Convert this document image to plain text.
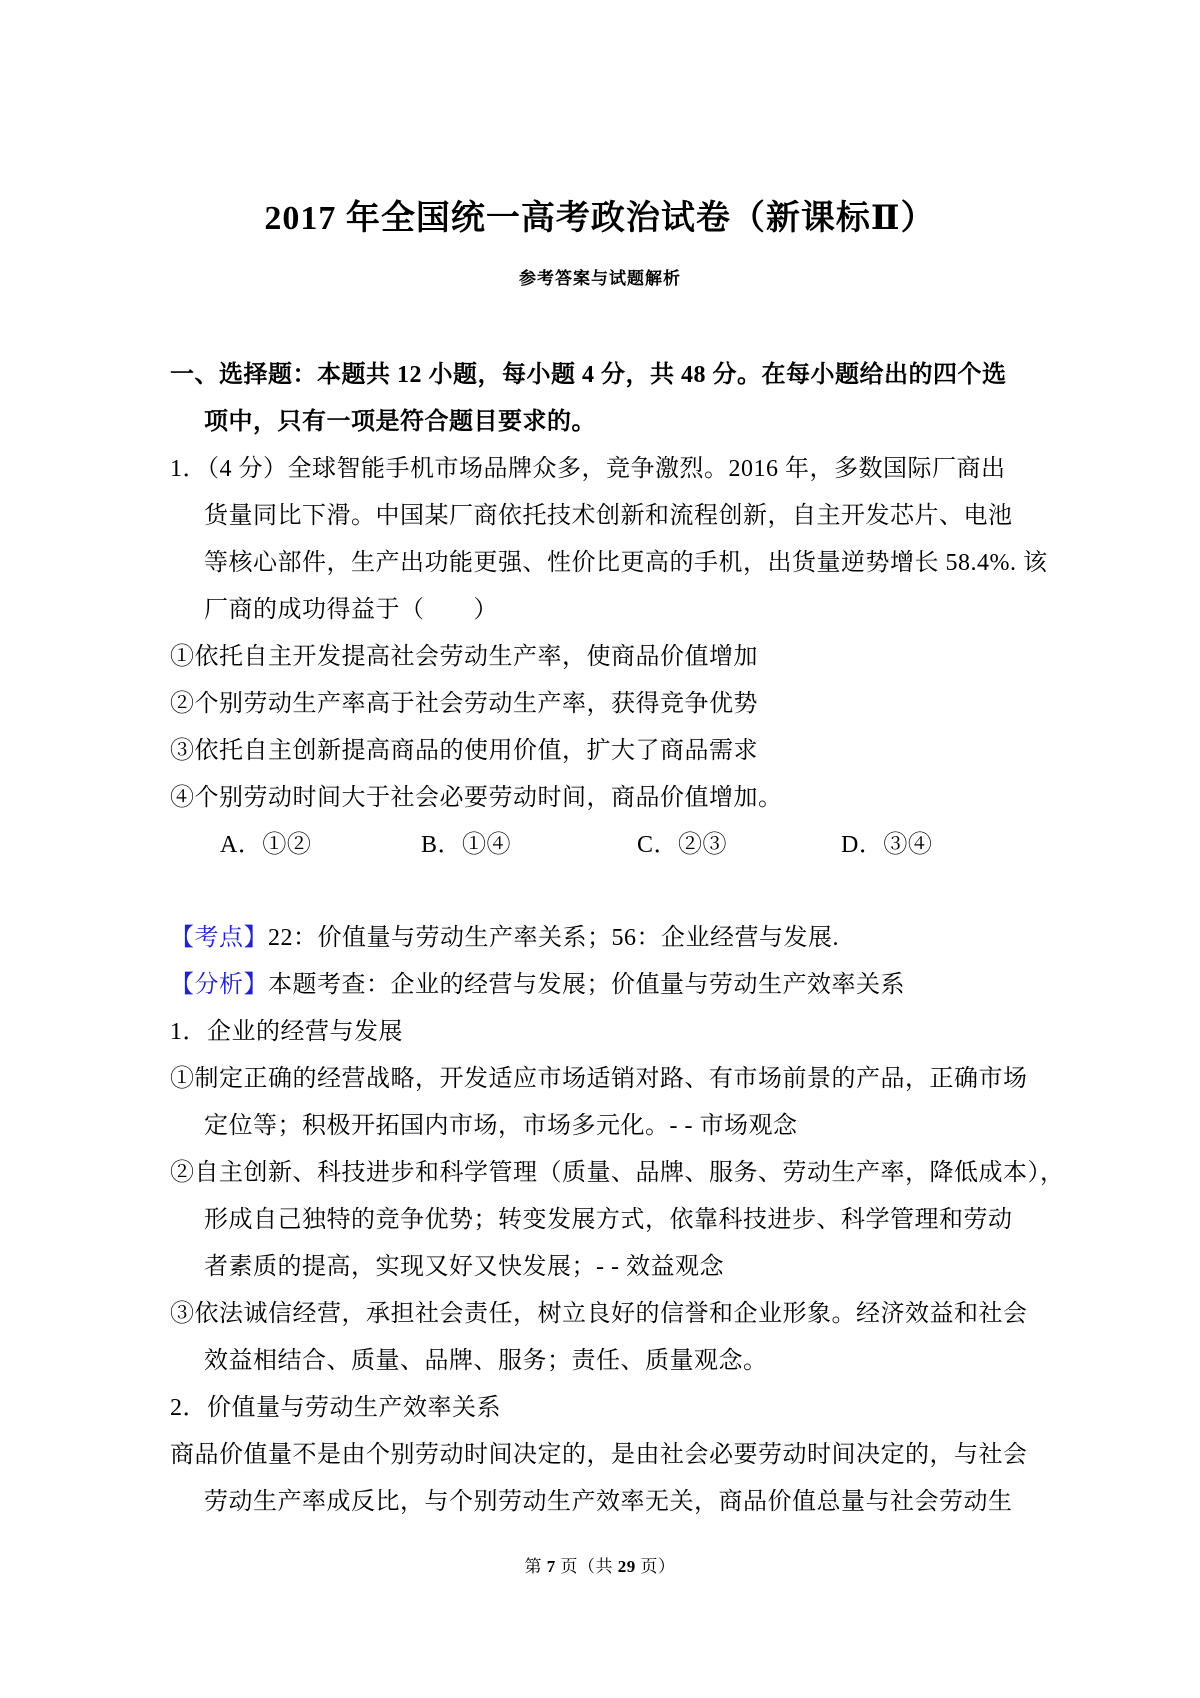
2017 年全国统一高考政治试卷（新课标Ⅱ）
参考答案与试题解析
一、选择题：本题共 12 小题，每小题 4 分，共 48 分。在每小题给出的四个选
项中，只有一项是符合题目要求的。
1．（4 分）全球智能手机市场品牌众多，竞争激烈。2016 年，多数国际厂商出
货量同比下滑。中国某厂商依托技术创新和流程创新，自主开发芯片、电池
等核心部件，生产出功能更强、性价比更高的手机，出货量逆势增长 58.4%. 该
厂商的成功得益于（　　）
①依托自主开发提高社会劳动生产率，使商品价值增加
②个别劳动生产率高于社会劳动生产率，获得竞争优势
③依托自主创新提高商品的使用价值，扩大了商品需求
④个别劳动时间大于社会必要劳动时间，商品价值增加。
A．①②	B．①④	C．②③	D．③④
【考点】22：价值量与劳动生产率关系；56：企业经营与发展.
【分析】本题考查：企业的经营与发展；价值量与劳动生产效率关系
1．企业的经营与发展
①制定正确的经营战略，开发适应市场适销对路、有市场前景的产品，正确市场
定位等；积极开拓国内市场，市场多元化。- - 市场观念
②自主创新、科技进步和科学管理（质量、品牌、服务、劳动生产率，降低成本），
形成自己独特的竞争优势；转变发展方式，依靠科技进步、科学管理和劳动
者素质的提高，实现又好又快发展；- - 效益观念
③依法诚信经营，承担社会责任，树立良好的信誉和企业形象。经济效益和社会
效益相结合、质量、品牌、服务；责任、质量观念。
2．价值量与劳动生产效率关系
商品价值量不是由个别劳动时间决定的，是由社会必要劳动时间决定的，与社会
劳动生产率成反比，与个别劳动生产效率无关，商品价值总量与社会劳动生
第 7 页（共 29 页）
